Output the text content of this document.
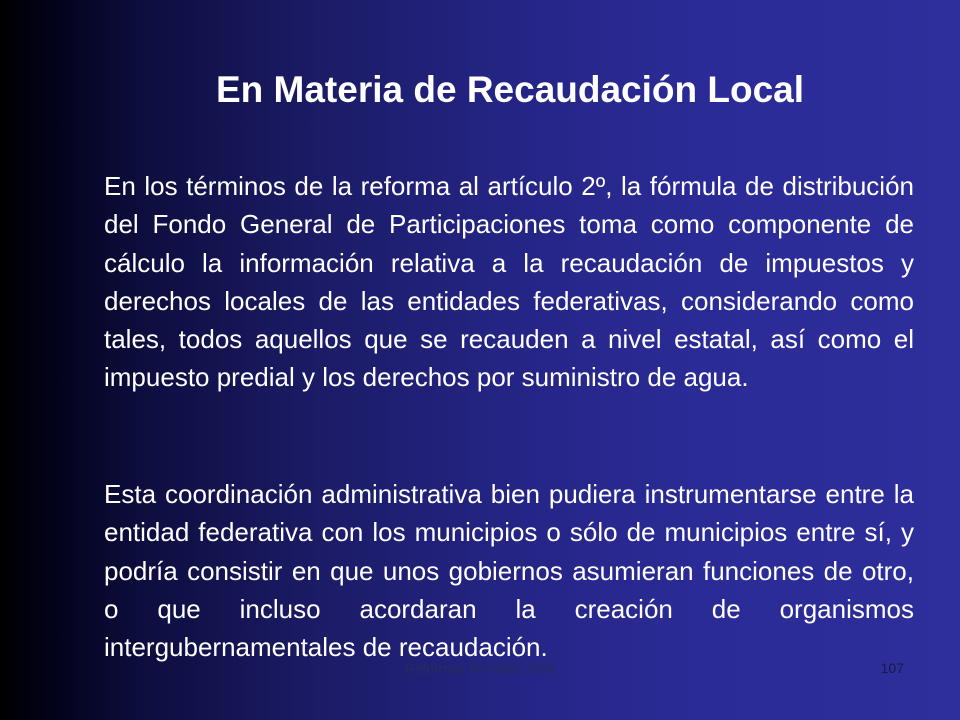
En Materia de Recaudación Local

En los términos de la reforma al artículo 2º, la fórmula de distribución del Fondo General de Participaciones toma como componente de cálculo la información relativa a la recaudación de impuestos y derechos locales de las entidades federativas, considerando como tales, todos aquellos que se recauden a nivel estatal, así como el impuesto predial y los derechos por suministro de agua.

Esta coordinación administrativa bien pudiera instrumentarse entre la entidad federativa con los municipios o sólo de municipios entre sí, y podría consistir en que unos gobiernos asumieran funciones de otro, o que incluso acordaran la creación de organismos intergubernamentales de recaudación.

Reformas Fiscales 2008	107
